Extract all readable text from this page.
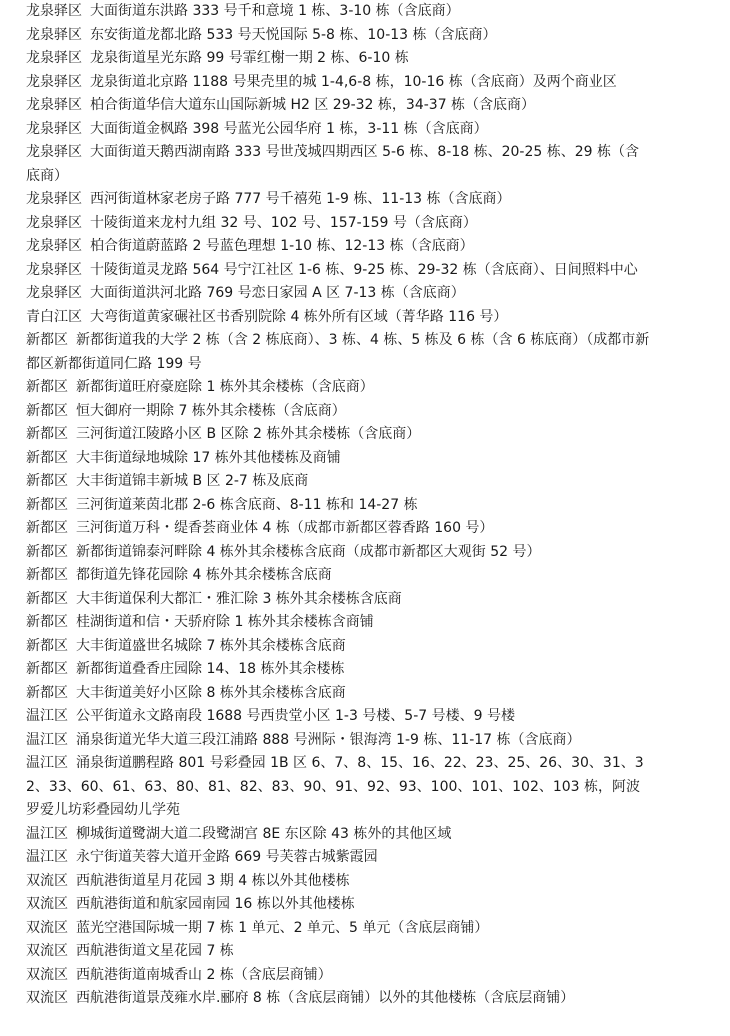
龙泉驿区 大面街道东洪路 333 号千和意境 1 栋、3-10 栋（含底商）
龙泉驿区 东安街道龙都北路 533 号天悦国际 5-8 栋、10-13 栋（含底商）
龙泉驿区 龙泉街道星光东路 99 号霏红榭一期 2 栋、6-10 栋
龙泉驿区 龙泉街道北京路 1188 号果壳里的城 1-4,6-8 栋，10-16 栋（含底商）及两个商业区
龙泉驿区 柏合街道华信大道东山国际新城 H2 区 29-32 栋，34-37 栋（含底商）
龙泉驿区 大面街道金枫路 398 号蓝光公园华府 1 栋，3-11 栋（含底商）
龙泉驿区 大面街道天鹅西湖南路 333 号世茂城四期西区 5-6 栋、8-18 栋、20-25 栋、29 栋（含底商）
龙泉驿区 西河街道林家老房子路 777 号千禧苑 1-9 栋、11-13 栋（含底商）
龙泉驿区 十陵街道来龙村九组 32 号、102 号、157-159 号（含底商）
龙泉驿区 柏合街道蔚蓝路 2 号蓝色理想 1-10 栋、12-13 栋（含底商）
龙泉驿区 十陵街道灵龙路 564 号宁江社区 1-6 栋、9-25 栋、29-32 栋（含底商）、日间照料中心
龙泉驿区 大面街道洪河北路 769 号恋日家园 A 区 7-13 栋（含底商）
青白江区 大弯街道黄家碾社区书香别院除 4 栋外所有区域（菁华路 116 号）
新都区 新都街道我的大学 2 栋（含 2 栋底商）、3 栋、4 栋、5 栋及 6 栋（含 6 栋底商）（成都市新都区新都街道同仁路 199 号
新都区 新都街道旺府豪庭除 1 栋外其余楼栋（含底商）
新都区 恒大御府一期除 7 栋外其余楼栋（含底商）
新都区 三河街道江陵路小区 B 区除 2 栋外其余楼栋（含底商）
新都区 大丰街道绿地城除 17 栋外其他楼栋及商铺
新都区 大丰街道锦丰新城 B 区 2-7 栋及底商
新都区 三河街道莱茵北郡 2-6 栋含底商、8-11 栋和 14-27 栋
新都区 三河街道万科・缇香荟商业体 4 栋（成都市新都区蓉香路 160 号）
新都区 新都街道锦泰河畔除 4 栋外其余楼栋含底商（成都市新都区大观街 52 号）
新都区 都街道先锋花园除 4 栋外其余楼栋含底商
新都区 大丰街道保利大都汇・雅汇除 3 栋外其余楼栋含底商
新都区 桂湖街道和信・天骄府除 1 栋外其余楼栋含商铺
新都区 大丰街道盛世名城除 7 栋外其余楼栋含底商
新都区 新都街道叠香庄园除 14、18 栋外其余楼栋
新都区 大丰街道美好小区除 8 栋外其余楼栋含底商
温江区 公平街道永文路南段 1688 号西贵堂小区 1-3 号楼、5-7 号楼、9 号楼
温江区 涌泉街道光华大道三段江浦路 888 号洲际・银海湾 1-9 栋、11-17 栋（含底商）
温江区 涌泉街道鹏程路 801 号彩叠园 1B 区 6、7、8、15、16、22、23、25、26、30、31、32、33、60、61、63、80、81、82、83、90、91、92、93、100、101、102、103 栋，阿波罗爱儿坊彩叠园幼儿学苑
温江区 柳城街道鹭湖大道二段鹭湖宫 8E 东区除 43 栋外的其他区域
温江区 永宁街道芙蓉大道开金路 669 号芙蓉古城紫霞园
双流区 西航港街道星月花园 3 期 4 栋以外其他楼栋
双流区 西航港街道和航家园南园 16 栋以外其他楼栋
双流区 蓝光空港国际城一期 7 栋 1 单元、2 单元、5 单元（含底层商铺）
双流区 西航港街道文星花园 7 栋
双流区 西航港街道南城香山 2 栋（含底层商铺）
双流区 西航港街道景茂雍水岸.郦府 8 栋（含底层商铺）以外的其他楼栋（含底层商铺）
